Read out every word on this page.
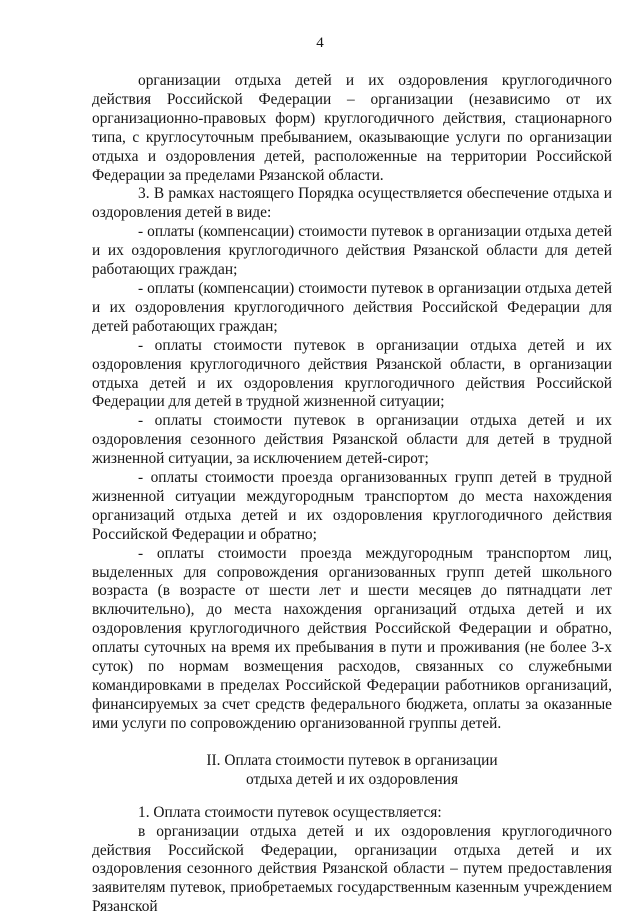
4

организации отдыха детей и их оздоровления круглогодичного действия Российской Федерации – организации (независимо от их организационно-правовых форм) круглогодичного действия, стационарного типа, с круглосуточным пребыванием, оказывающие услуги по организации отдыха и оздоровления детей, расположенные на территории Российской Федерации за пределами Рязанской области.

3. В рамках настоящего Порядка осуществляется обеспечение отдыха и оздоровления детей в виде:

- оплаты (компенсации) стоимости путевок в организации отдыха детей и их оздоровления круглогодичного действия Рязанской области для детей работающих граждан;

- оплаты (компенсации) стоимости путевок в организации отдыха детей и их оздоровления круглогодичного действия Российской Федерации для детей работающих граждан;

- оплаты стоимости путевок в организации отдыха детей и их оздоровления круглогодичного действия Рязанской области, в организации отдыха детей и их оздоровления круглогодичного действия Российской Федерации для детей в трудной жизненной ситуации;

- оплаты стоимости путевок в организации отдыха детей и их оздоровления сезонного действия Рязанской области для детей в трудной жизненной ситуации, за исключением детей-сирот;

- оплаты стоимости проезда организованных групп детей в трудной жизненной ситуации междугородным транспортом до места нахождения организаций отдыха детей и их оздоровления круглогодичного действия Российской Федерации и обратно;

- оплаты стоимости проезда междугородным транспортом лиц, выделенных для сопровождения организованных групп детей школьного возраста (в возрасте от шести лет и шести месяцев до пятнадцати лет включительно), до места нахождения организаций отдыха детей и их оздоровления круглогодичного действия Российской Федерации и обратно, оплаты суточных на время их пребывания в пути и проживания (не более 3-х суток) по нормам возмещения расходов, связанных со служебными командировками в пределах Российской Федерации работников организаций, финансируемых за счет средств федерального бюджета, оплаты за оказанные ими услуги по сопровождению организованной группы детей.

II. Оплата стоимости путевок в организации
отдыха детей и их оздоровления

1. Оплата стоимости путевок осуществляется:

в организации отдыха детей и их оздоровления круглогодичного действия Российской Федерации, организации отдыха детей и их оздоровления сезонного действия Рязанской области – путем предоставления заявителям путевок, приобретаемых государственным казенным учреждением Рязанской
